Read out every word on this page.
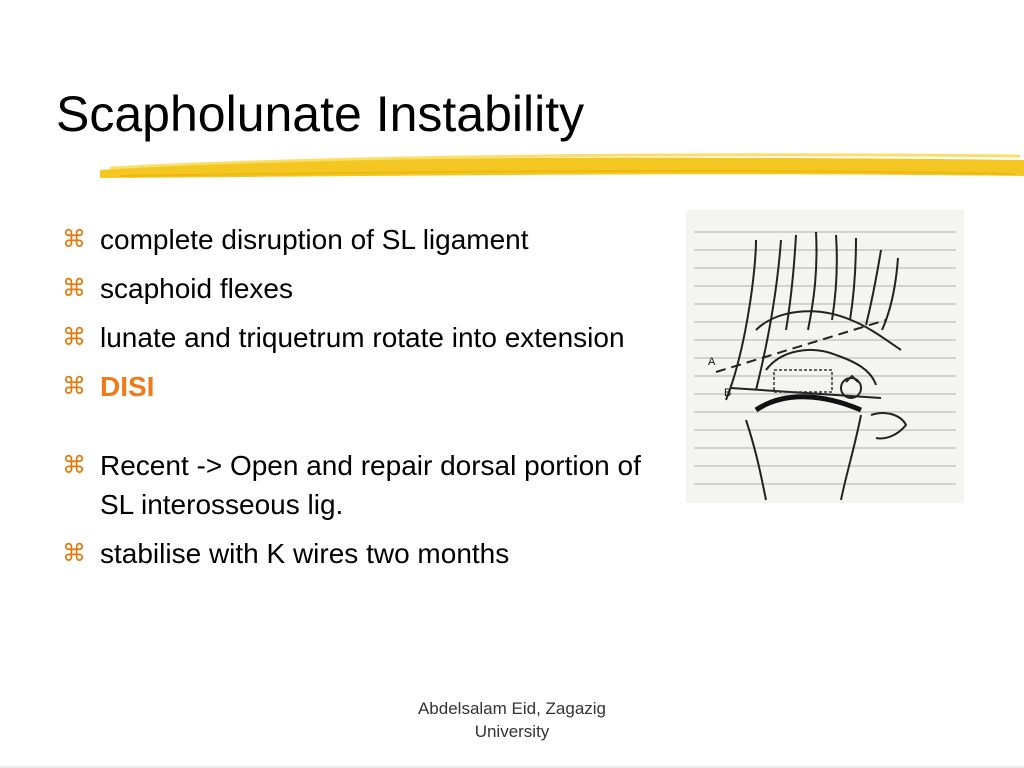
Scapholunate Instability
⌘ complete disruption of SL ligament
⌘ scaphoid flexes
⌘ lunate and triquetrum rotate into extension
⌘ DISI
⌘ Recent -> Open and repair dorsal portion of SL interosseous lig.
⌘ stabilise with K wires two months
A
B
Abdelsalam Eid, Zagazig University
